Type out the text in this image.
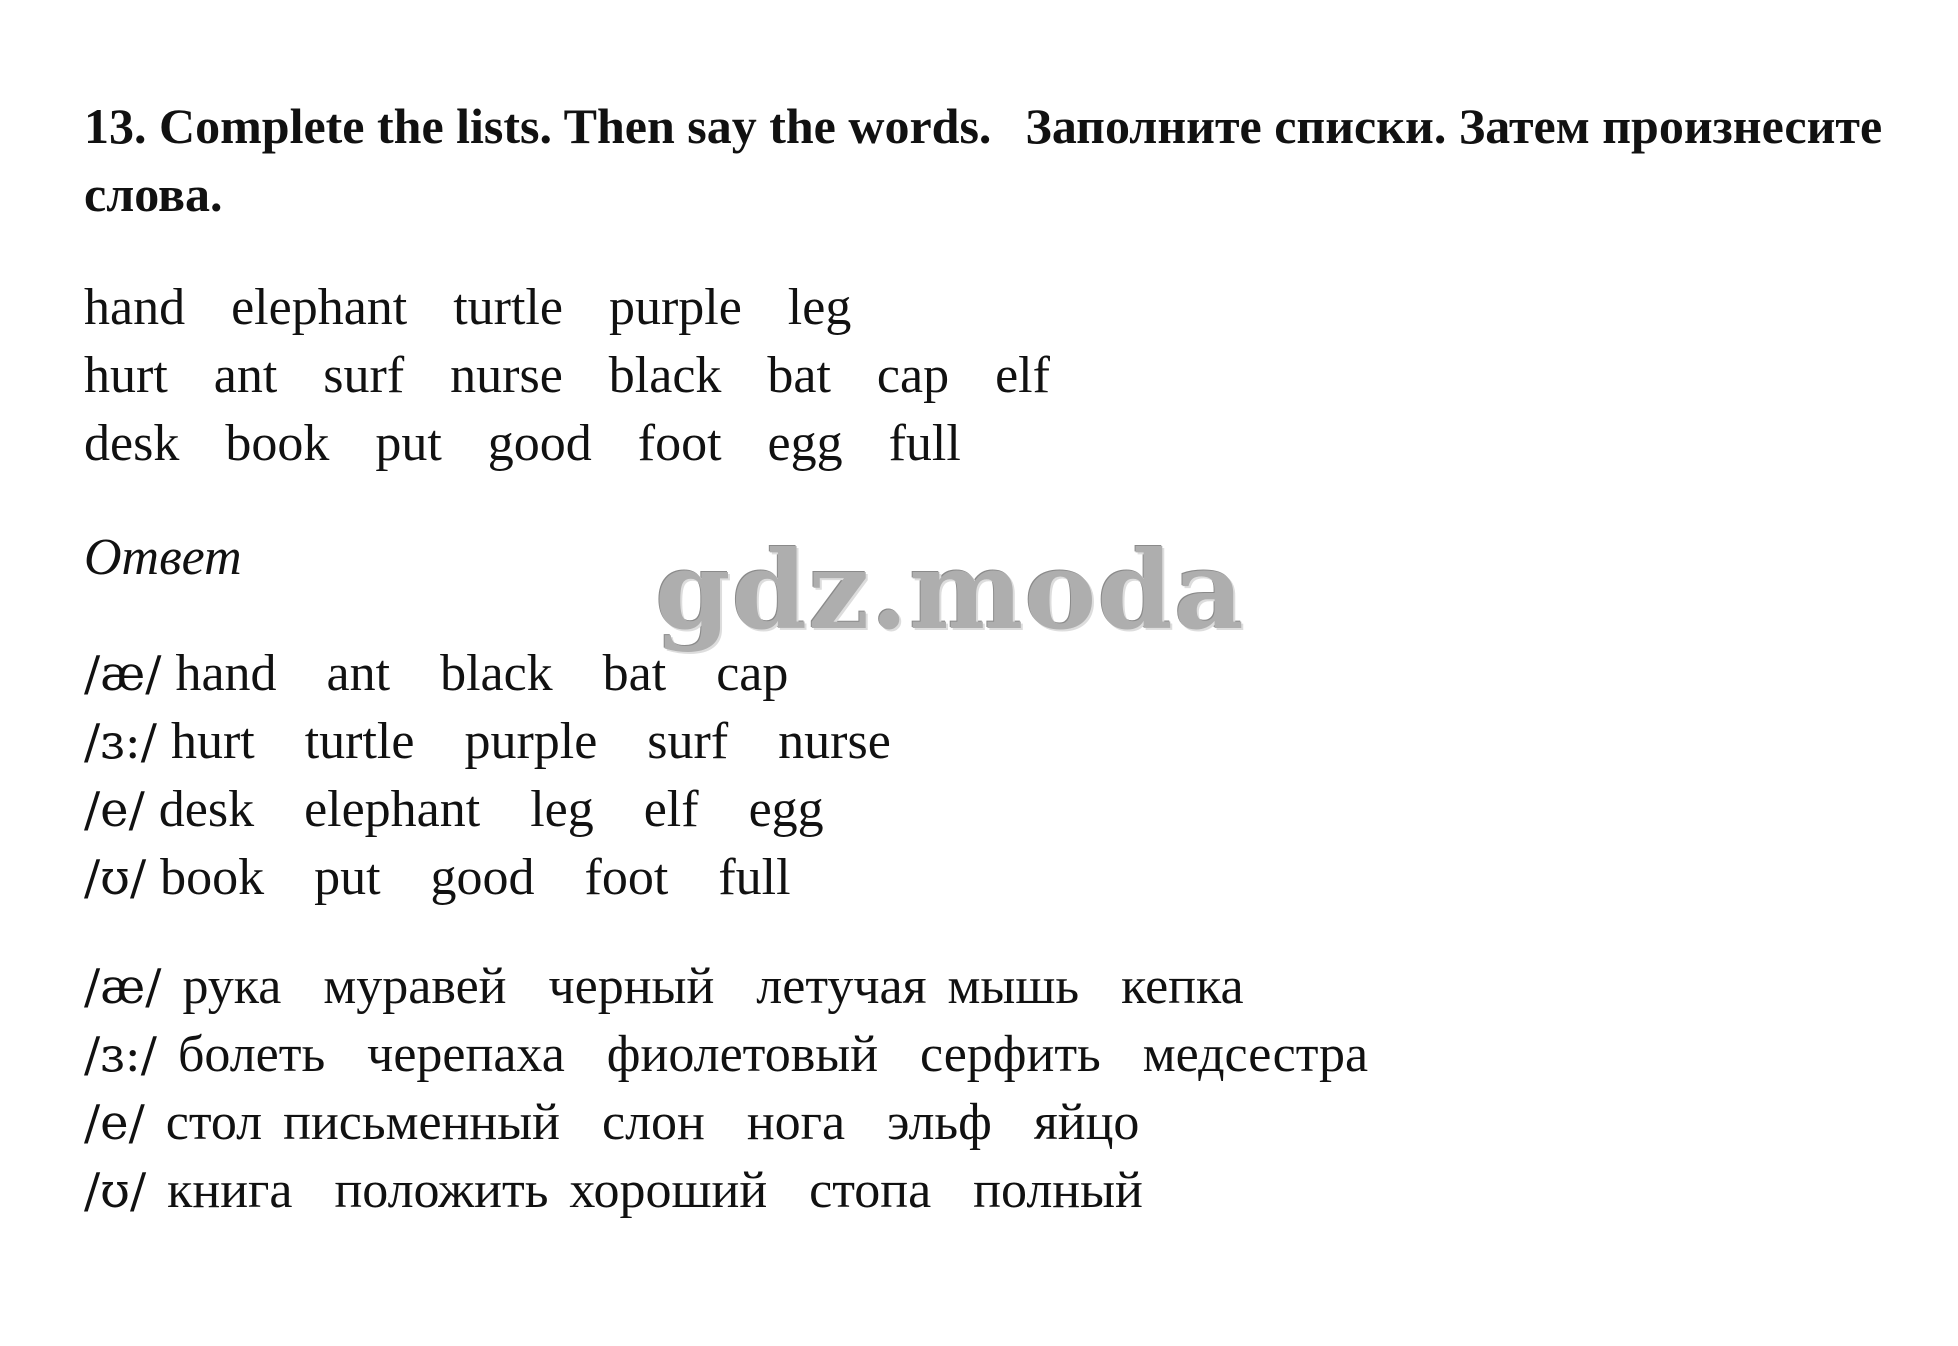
13. Complete the lists. Then say the words. Заполните списки. Затем произнесите слова.

hand  elephant  turtle  purple  leg
hurt  ant  surf  nurse  black  bat  cap  elf
desk  book  put  good  foot  egg  full

Ответ	gdz.moda
/æ/ hand  ant  black  bat  cap
/ɜ:/ hurt  turtle  purple  surf  nurse
/e/ desk  elephant  leg  elf  egg
/ʊ/ book  put  good  foot  full
/æ/ рука  муравей  черный  летучая мышь  кепка
/ɜ:/ болеть  черепаха  фиолетовый  серфить  медсестра
/e/ стол письменный  слон  нога  эльф  яйцо
/ʊ/ книга  положить хороший  стопа  полный
